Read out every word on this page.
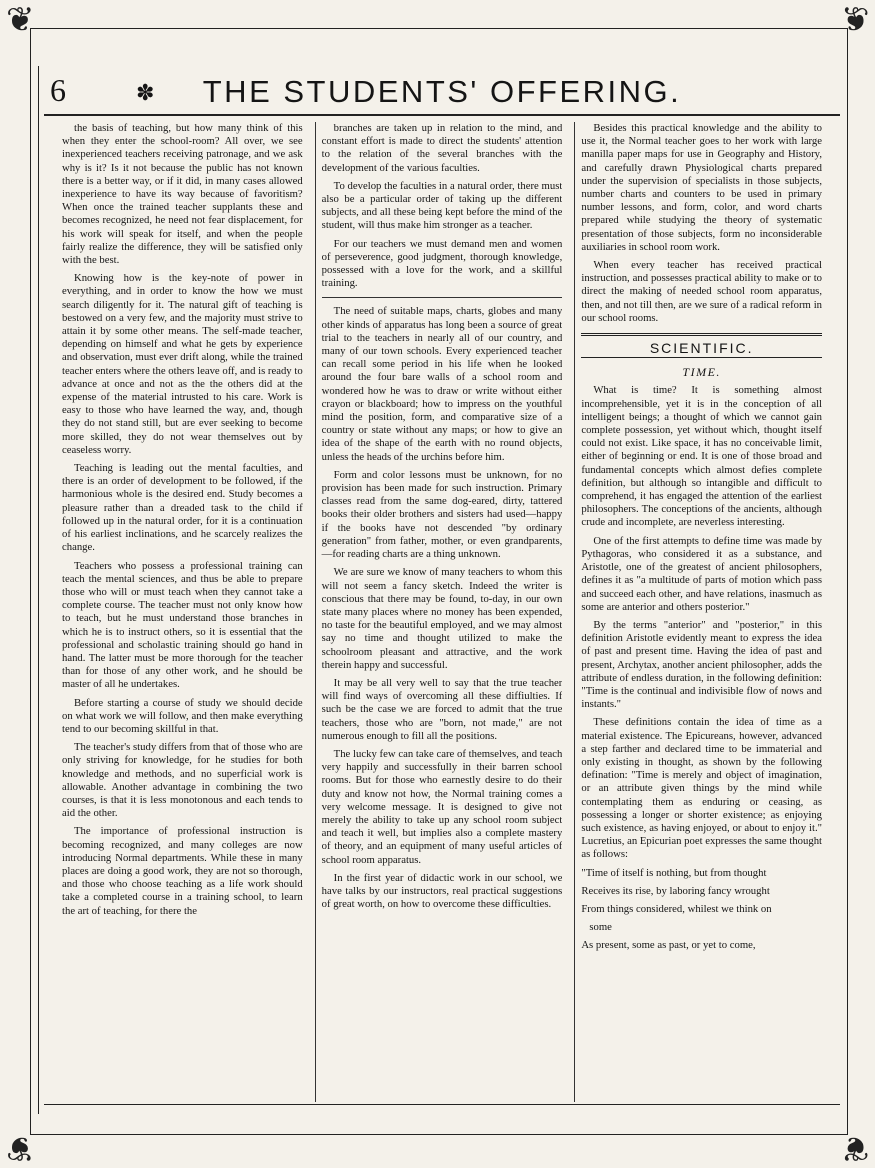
❦	❦
❦	❦
6	✽	THE STUDENTS' OFFERING.

the basis of teaching, but how many think of this when they enter the school-room? All over, we see inexperienced teachers receiving patronage, and we ask why is it? Is it not because the public has not known there is a better way, or if it did, in many cases allowed inexperience to have its way because of favoritism? When once the trained teacher supplants these and becomes recognized, he need not fear displacement, for his work will speak for itself, and when the people fairly realize the difference, they will be satisfied only with the best.

Knowing how is the key-note of power in everything, and in order to know the how we must search diligently for it. The natural gift of teaching is bestowed on a very few, and the majority must strive to attain it by some other means. The self-made teacher, depending on himself and what he gets by experience and observation, must ever drift along, while the trained teacher enters where the others leave off, and is ready to advance at once and not as the the others did at the expense of the material intrusted to his care. Work is easy to those who have learned the way, and, though they do not stand still, but are ever seeking to become more skilled, they do not wear themselves out by ceaseless worry.

Teaching is leading out the mental faculties, and there is an order of development to be followed, if the harmonious whole is the desired end. Study becomes a pleasure rather than a dreaded task to the child if followed up in the natural order, for it is a continuation of his earliest inclinations, and he scarcely realizes the change.

Teachers who possess a professional training can teach the mental sciences, and thus be able to prepare those who will or must teach when they cannot take a complete course. The teacher must not only know how to teach, but he must understand those branches in which he is to instruct others, so it is essential that the professional and scholastic training should go hand in hand. The latter must be more thorough for the teacher than for those of any other work, and he should be master of all he undertakes.

Before starting a course of study we should decide on what work we will follow, and then make everything tend to our becoming skillful in that.

The teacher's study differs from that of those who are only striving for knowledge, for he studies for both knowledge and methods, and no superficial work is allowable. Another advantage in combining the two courses, is that it is less monotonous and each tends to aid the other.

The importance of professional instruction is becoming recognized, and many colleges are now introducing Normal departments. While these in many places are doing a good work, they are not so thorough, and those who choose teaching as a life work should take a completed course in a training school, to learn the art of teaching, for there the

branches are taken up in relation to the mind, and constant effort is made to direct the students' attention to the relation of the several branches with the development of the various faculties.

To develop the faculties in a natural order, there must also be a particular order of taking up the different subjects, and all these being kept before the mind of the student, will thus make him stronger as a teacher.

For our teachers we must demand men and women of perseverence, good judgment, thorough knowledge, possessed with a love for the work, and a skillful training.

The need of suitable maps, charts, globes and many other kinds of apparatus has long been a source of great trial to the teachers in nearly all of our country, and many of our town schools. Every experienced teacher can recall some period in his life when he looked around the four bare walls of a school room and wondered how he was to draw or write without either crayon or blackboard; how to impress on the youthful mind the position, form, and comparative size of a country or state without any maps; or how to give an idea of the shape of the earth with no round objects, unless the heads of the urchins before him.

Form and color lessons must be unknown, for no provision has been made for such instruction. Primary classes read from the same dog-eared, dirty, tattered books their older brothers and sisters had used—happy if the books have not descended "by ordinary generation" from father, mother, or even grandparents,—for reading charts are a thing unknown.

We are sure we know of many teachers to whom this will not seem a fancy sketch. Indeed the writer is conscious that there may be found, to-day, in our own state many places where no money has been expended, no taste for the beautiful employed, and we may almost say no time and thought utilized to make the schoolroom pleasant and attractive, and the work therein happy and successful.

It may be all very well to say that the true teacher will find ways of overcoming all these diffiulties. If such be the case we are forced to admit that the true teachers, those who are "born, not made," are not numerous enough to fill all the positions.

The lucky few can take care of themselves, and teach very happily and successfully in their barren school rooms. But for those who earnestly desire to do their duty and know not how, the Normal training comes a very welcome message. It is designed to give not merely the ability to take up any school room subject and teach it well, but implies also a complete mastery of theory, and an equipment of many useful articles of school room apparatus.

In the first year of didactic work in our school, we have talks by our instructors, real practical suggestions of great worth, on how to overcome these difficulties.

Besides this practical knowledge and the ability to use it, the Normal teacher goes to her work with large manilla paper maps for use in Geography and History, and carefully drawn Physiological charts prepared under the supervision of specialists in those subjects, number charts and counters to be used in primary number lessons, and form, color, and word charts prepared while studying the theory of systematic presentation of those subjects, form no inconsiderable auxiliaries in school room work.

When every teacher has received practical instruction, and possesses practical ability to make or to direct the making of needed school room apparatus, then, and not till then, are we sure of a radical reform in our school rooms.

SCIENTIFIC.
TIME.

What is time? It is something almost incomprehensible, yet it is in the conception of all intelligent beings; a thought of which we cannot gain complete possession, yet without which, thought itself could not exist. Like space, it has no conceivable limit, either of beginning or end. It is one of those broad and fundamental concepts which almost defies complete definition, but although so intangible and difficult to comprehend, it has engaged the attention of the earliest philosophers. The conceptions of the ancients, although crude and incomplete, are neverless interesting.

One of the first attempts to define time was made by Pythagoras, who considered it as a substance, and Aristotle, one of the greatest of ancient philosophers, defines it as "a multitude of parts of motion which pass and succeed each other, and have relations, inasmuch as some are anterior and others posterior."

By the terms "anterior" and "posterior," in this definition Aristotle evidently meant to express the idea of past and present time. Having the idea of past and present, Archytax, another ancient philosopher, adds the attribute of endless duration, in the following definition: "Time is the continual and indivisible flow of nows and instants."

These definitions contain the idea of time as a material existence. The Epicureans, however, advanced a step farther and declared time to be immaterial and only existing in thought, as shown by the following defination: "Time is merely and object of imagination, or an attribute given things by the mind while contemplating them as enduring or ceasing, as possessing a longer or shorter existence; as enjoying such existence, as having enjoyed, or about to enjoy it." Lucretius, an Epicurian poet expresses the same thought as follows:

"Time of itself is nothing, but from thought

Receives its rise, by laboring fancy wrought

From things considered, whilest we think on

some

As present, some as past, or yet to come,
